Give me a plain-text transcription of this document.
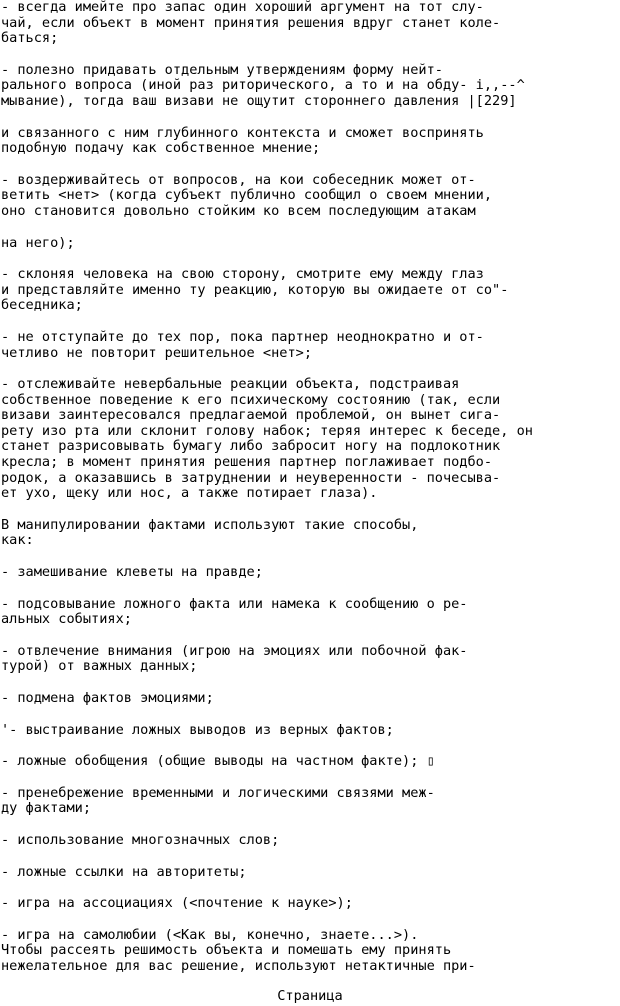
- всегда имейте про запас один хороший аргумент на тот слу-
чай, если объект в момент принятия решения вдруг станет коле-
баться;
- полезно придавать отдельным утверждениям форму нейт-
рального вопроса (иной раз риторического, а то и на обду- i,,--^
мывание), тогда ваш визави не ощутит стороннего давления |[229]
и связанного с ним глубинного контекста и сможет воспринять
подобную подачу как собственное мнение;
- воздерживайтесь от вопросов, на кои собеседник может от-
ветить <нет> (когда субъект публично сообщил о своем мнении,
оно становится довольно стойким ко всем последующим атакам
на него);
- склоняя человека на свою сторону, смотрите ему между глаз
и представляйте именно ту реакцию, которую вы ожидаете от со"-
беседника;
- не отступайте до тех пор, пока партнер неоднократно и от-
четливо не повторит решительное <нет>;
- отслеживайте невербальные реакции объекта, подстраивая
собственное поведение к его психическому состоянию (так, если
визави заинтересовался предлагаемой проблемой, он вынет сига-
рету изо рта или склонит голову набок; теряя интерес к беседе, он
станет разрисовывать бумагу либо забросит ногу на подлокотник
кресла; в момент принятия решения партнер поглаживает подбо-
родок, а оказавшись в затруднении и неуверенности - почесыва-
ет ухо, щеку или нос, а также потирает глаза).
В манипулировании фактами используют такие способы,
как:
- замешивание клеветы на правде;
- подсовывание ложного факта или намека к сообщению о ре-
альных событиях;
- отвлечение внимания (игрою на эмоциях или побочной фак-
турой) от важных данных;
- подмена фактов эмоциями;
'- выстраивание ложных выводов из верных фактов;
- ложные обобщения (общие выводы на частном факте); ▯
- пренебрежение временными и логическими связями меж-
ду фактами;
- использование многозначных слов;
- ложные ссылки на авторитеты;
- игра на ассоциациях (<почтение к науке>);
- игра на самолюбии (<Как вы, конечно, знаете...>).
Чтобы рассеять решимость объекта и помешать ему принять
нежелательное для вас решение, используют нетактичные при-
Страница
